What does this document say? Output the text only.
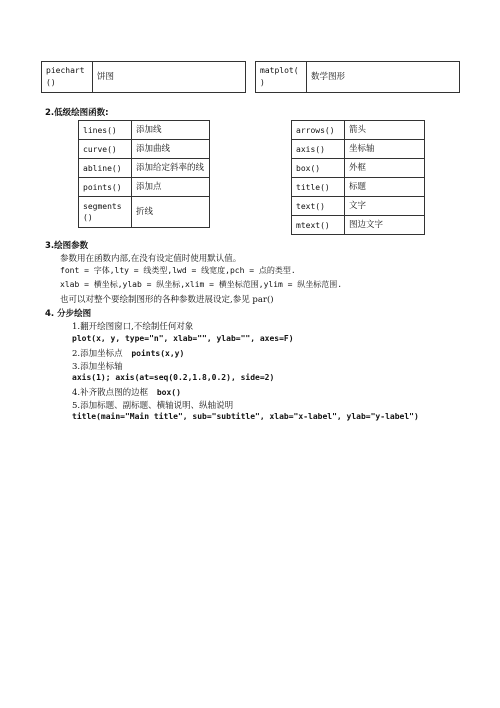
piechart
()
	饼图
matplot(
)
	数学图形
2.低级绘图函数:
lines()	添加线
curve()	添加曲线
abline()	添加给定斜率的线
points()	添加点

segments
()	折线
arrows()	箭头
axis()	坐标轴
box()	外框
title()	标题
text()	文字
mtext()	图边文字
3.绘图参数
参数用在函数内部,在没有设定值时使用默认值。
font = 字体,lty = 线类型,lwd = 线宽度,pch = 点的类型.
xlab = 横坐标,ylab = 纵坐标,xlim = 横坐标范围,ylim = 纵坐标范围.
也可以对整个要绘制图形的各种参数进展设定,参见 par()
4. 分步绘图
1.翻开绘图窗口,不绘制任何对象
plot(x, y, type="n", xlab="", ylab="", axes=F)
2.添加坐标点 points(x,y)
3.添加坐标轴
axis(1); axis(at=seq(0.2,1.8,0.2), side=2)
4.补齐散点图的边框 box()
5.添加标题、副标题、横轴说明、纵轴说明
title(main="Main title", sub="subtitle", xlab="x-label", ylab="y-label")
